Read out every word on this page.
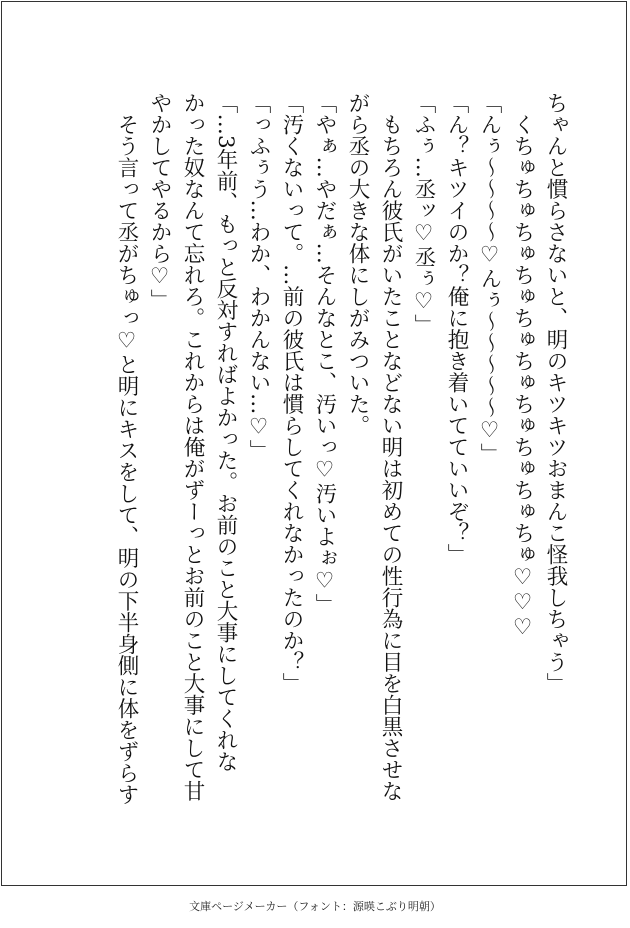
ちゃんと慣らさないと、明のキツキツおまんこ怪我しちゃう」

　くちゅちゅちゅちゅちゅちゅちゅちゅちゅちゅ♡♡♡

「んぅ〜〜〜〜♡んぅ〜〜〜〜〜♡」

「ん？キツイのか？俺に抱き着いてていいぞ？」

「ふぅ…丞ッ♡丞ぅ♡」

　もちろん彼氏がいたことなどない明は初めての性行為に目を白黒させな

がら丞の大きな体にしがみついた。

「やぁ…やだぁ…そんなとこ、汚いっ♡汚いよぉ♡」

「汚くないって。…前の彼氏は慣らしてくれなかったのか？」

「っふぅう…わか、わかんない…♡」

「…3年前、もっと反対すればよかった。お前のこと大事にしてくれな

かった奴なんて忘れろ。これからは俺がずーっとお前のこと大事にして甘

やかしてやるから♡」

　そう言って丞がちゅっ♡と明にキスをして、明の下半身側に体をずらす

文庫ページメーカー（フォント：源暎こぶり明朝）
